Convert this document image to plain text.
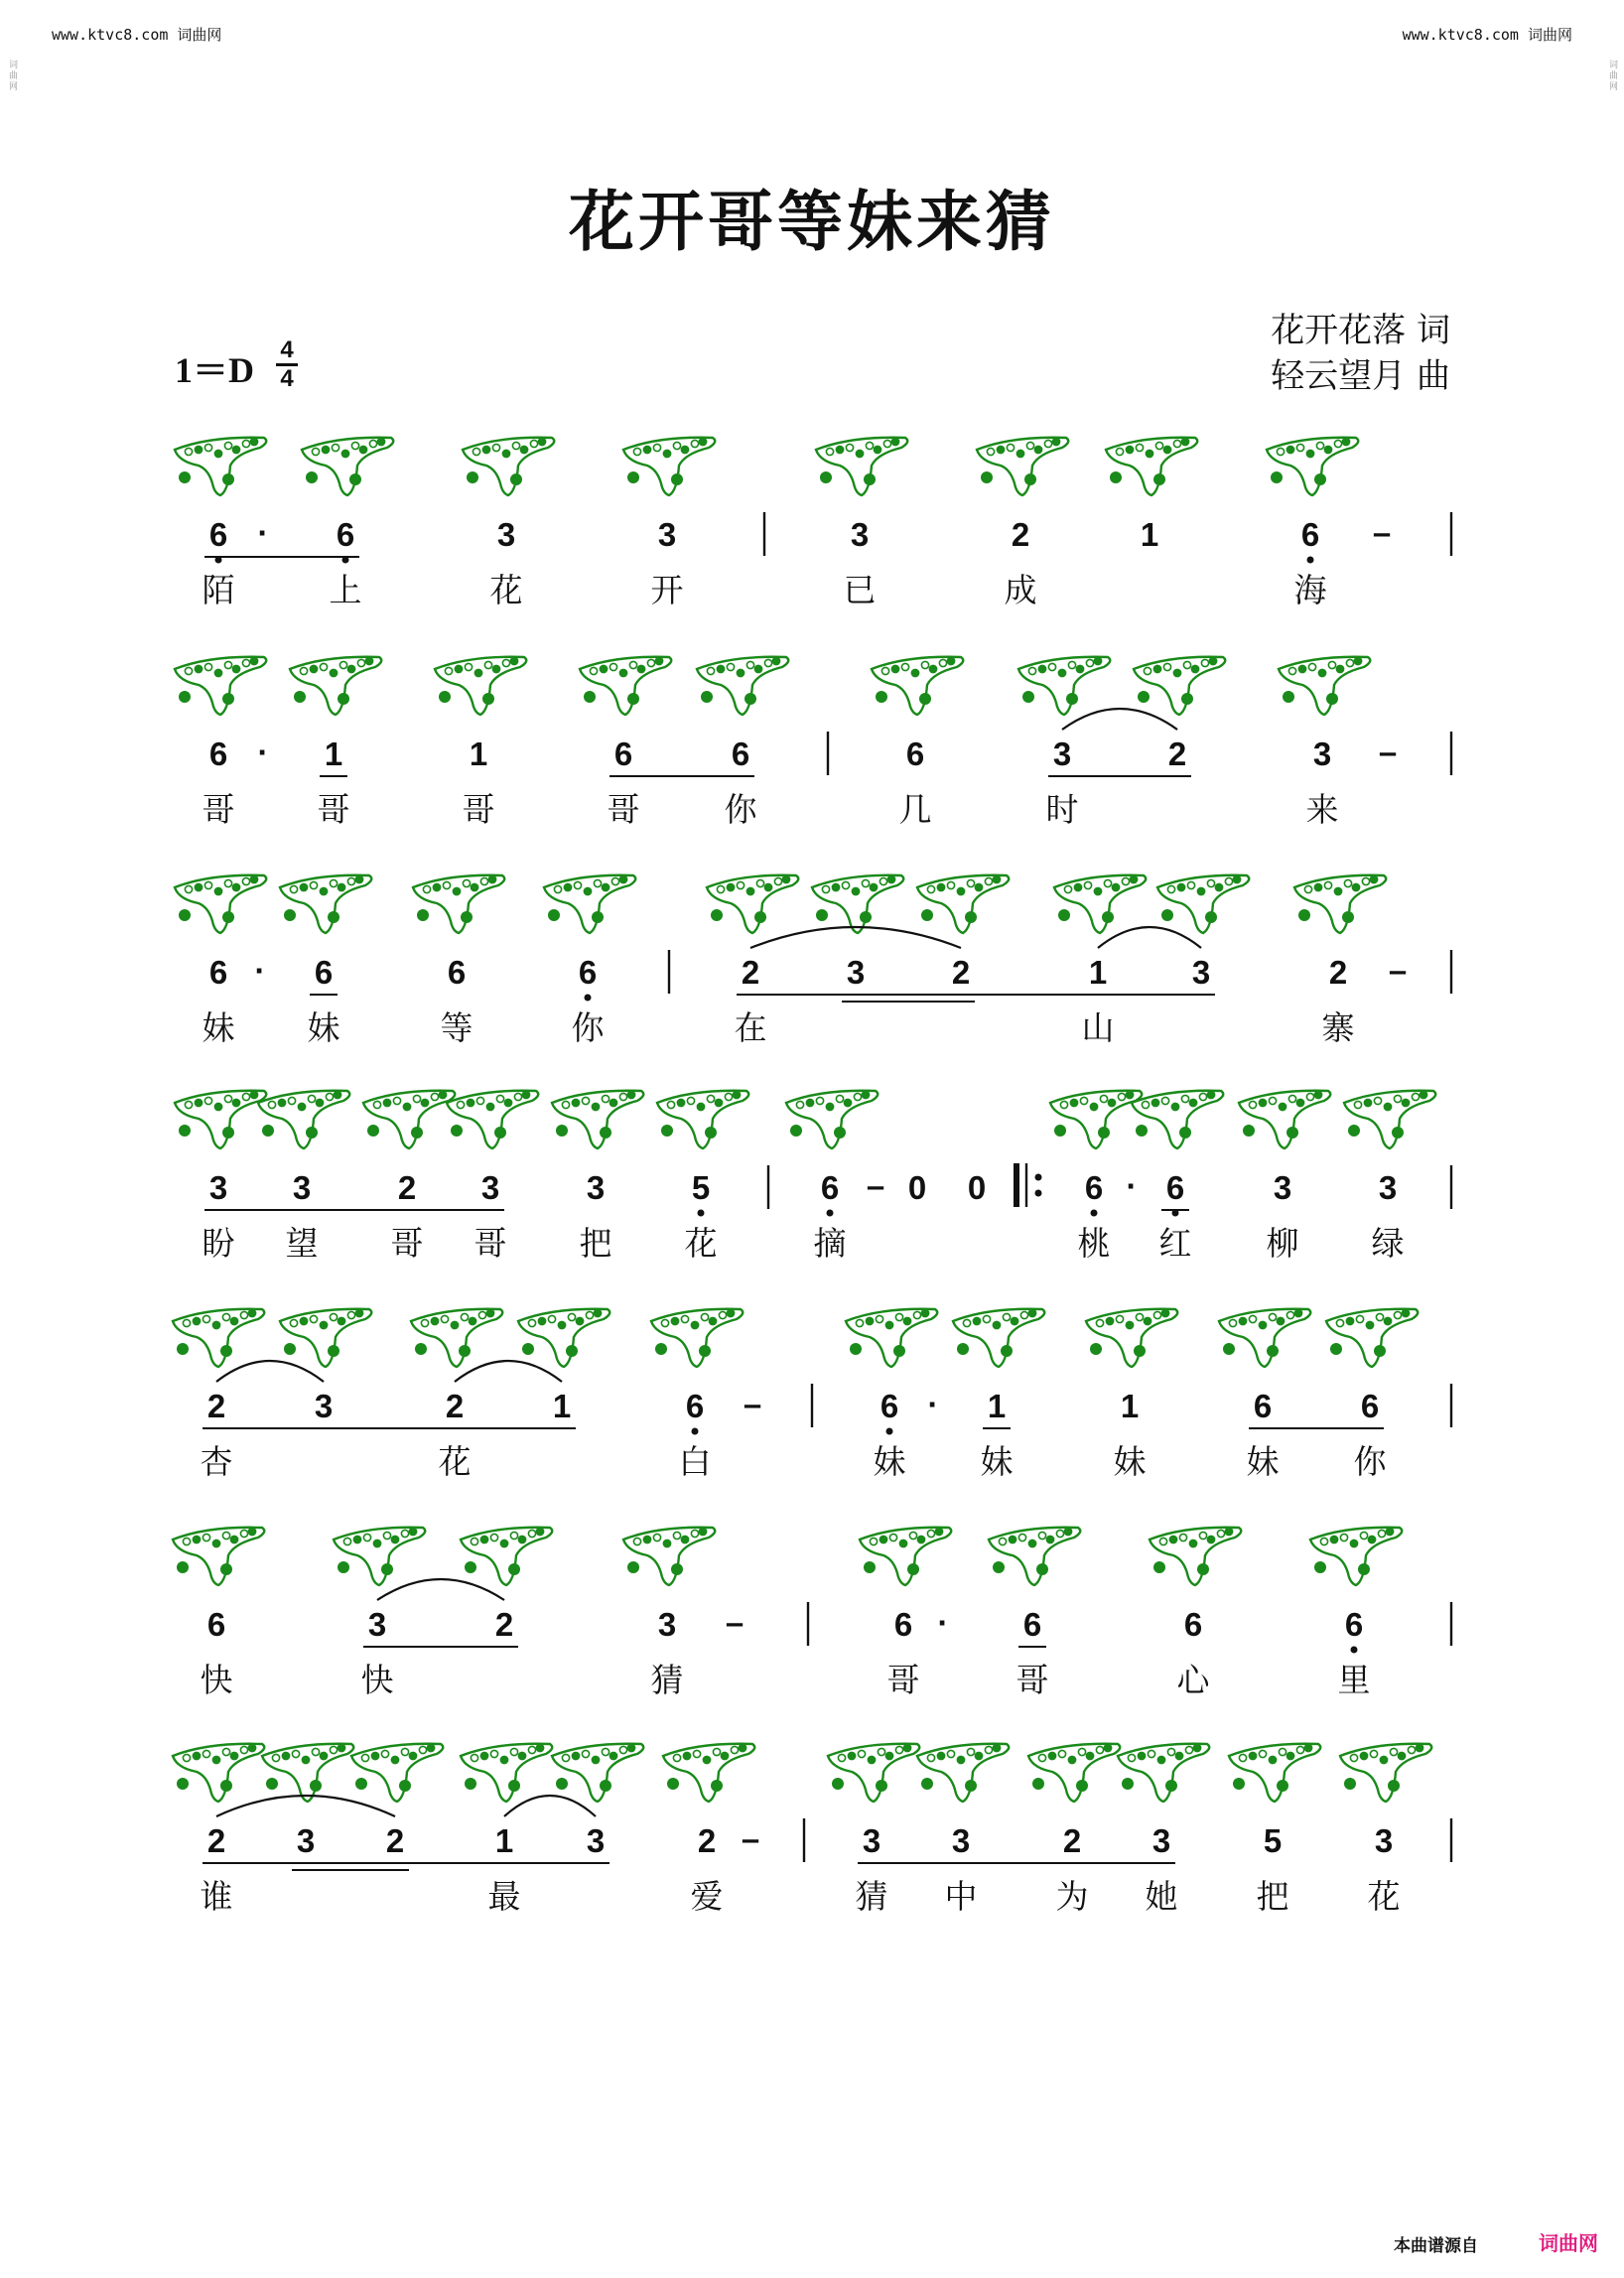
www.ktvc8.com 词曲网	www.ktvc8.com 词曲网
词曲网	词曲网
花开哥等妹来猜
1＝D
4
4
花开花落 词
轻云望月 曲
6
陌
· 6
上
3
花
3
开
3
已
2
成
1	6
海
–
6
哥
· 1
哥
1
哥
6
哥
6
你
6
几
3
时
2	3
来
–
6
妹
· 6
妹
6
等
6
你
2
在
3	2	1
山
3	2
寨
–
3
盼
3
望
2
哥
3
哥
3
把
5
花
6
摘
– 0 0	6
桃
· 6
红
3
柳
3
绿
2
杏
3	2
花
1	6
白
–	6
妹
· 1
妹
1
妹
6
妹
6
你
6
快
3
快
2	3
猜
–	6
哥
· 6
哥
6
心
6
里
2
谁
3 2	1
最
3	2
爱
–	3
猜
3
中
2
为
3
她
5
把
3
花
本曲谱源自	词曲网
